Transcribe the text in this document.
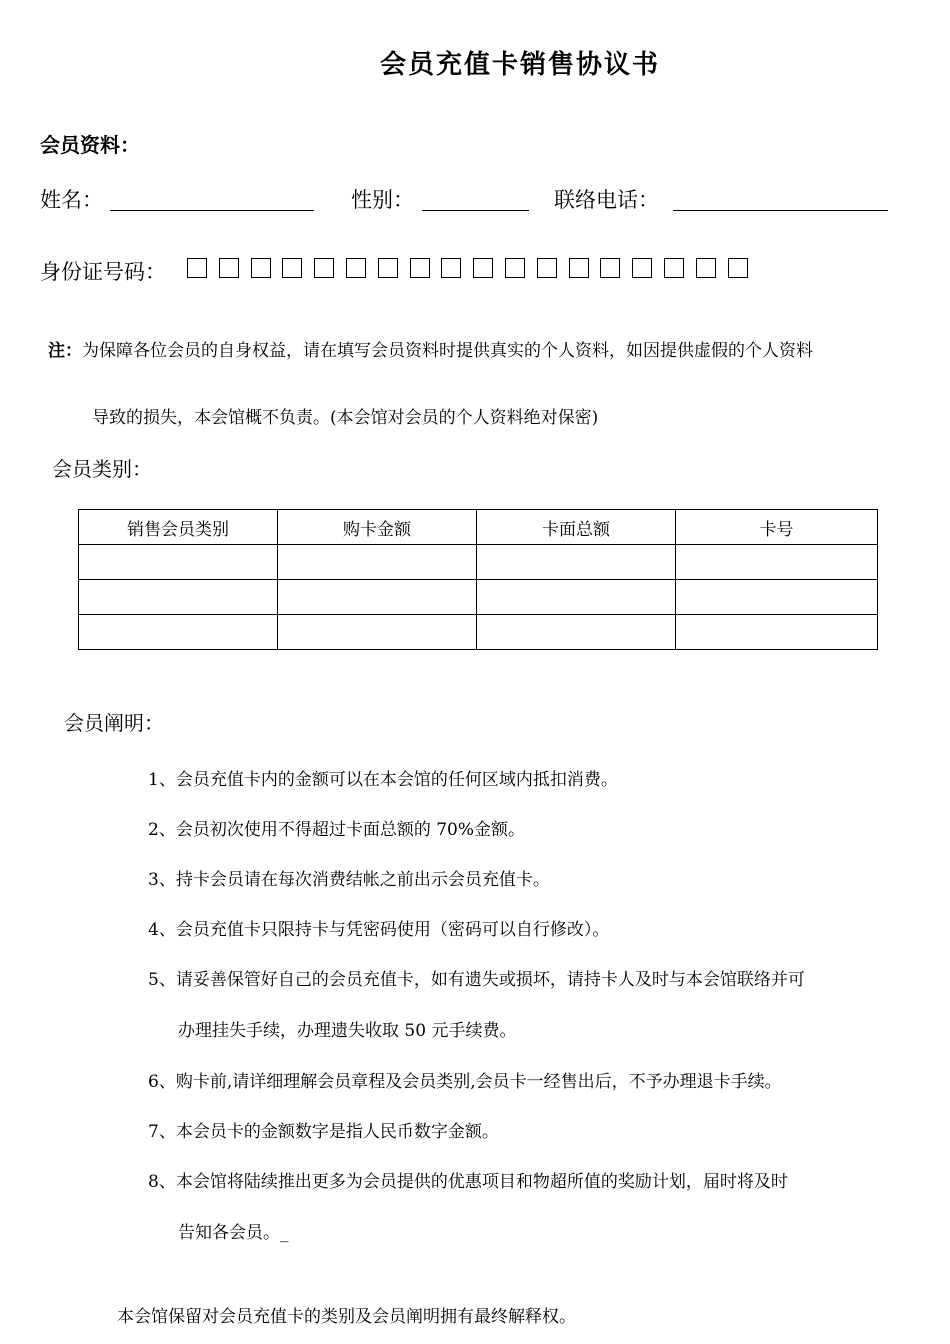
会员充值卡销售协议书
会员资料：
姓名：	性别：	联络电话：
身份证号码：
注：为保障各位会员的自身权益，请在填写会员资料时提供真实的个人资料，如因提供虚假的个人资料
导致的损失，本会馆概不负责。(本会馆对会员的个人资料绝对保密)
会员类别：
销售会员类别	购卡金额	卡面总额	卡号

会员阐明：
1、会员充值卡内的金额可以在本会馆的任何区域内抵扣消费。
2、会员初次使用不得超过卡面总额的 70%金额。
3、持卡会员请在每次消费结帐之前出示会员充值卡。
4、会员充值卡只限持卡与凭密码使用（密码可以自行修改）。
5、请妥善保管好自己的会员充值卡，如有遗失或损坏，请持卡人及时与本会馆联络并可
办理挂失手续，办理遗失收取 50 元手续费。
6、购卡前,请详细理解会员章程及会员类别,会员卡一经售出后，不予办理退卡手续。
7、本会员卡的金额数字是指人民币数字金额。
8、本会馆将陆续推出更多为会员提供的优惠项目和物超所值的奖励计划，届时将及时
告知各会员。_
本会馆保留对会员充值卡的类别及会员阐明拥有最终解释权。
